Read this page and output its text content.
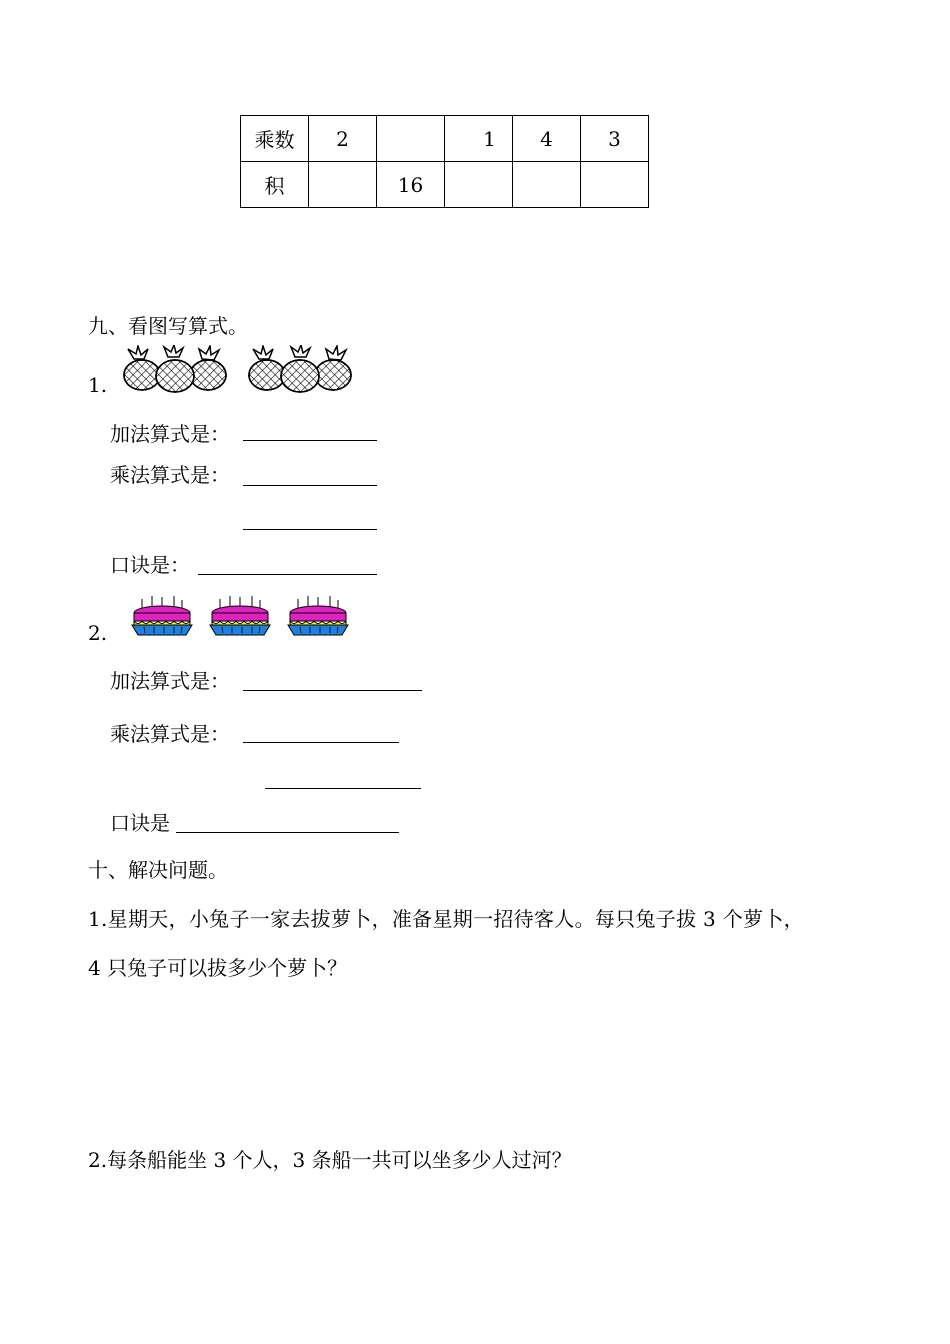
乘数	2		1	4	3
积		16			
九、看图写算式。
1.
加法算式是：
乘法算式是：
口诀是：
2.
加法算式是：
乘法算式是：
口诀是
十、解决问题。
1.星期天，小兔子一家去拔萝卜，准备星期一招待客人。每只兔子拔 3 个萝卜，
4 只兔子可以拔多少个萝卜？
2.每条船能坐 3 个人，3 条船一共可以坐多少人过河？
